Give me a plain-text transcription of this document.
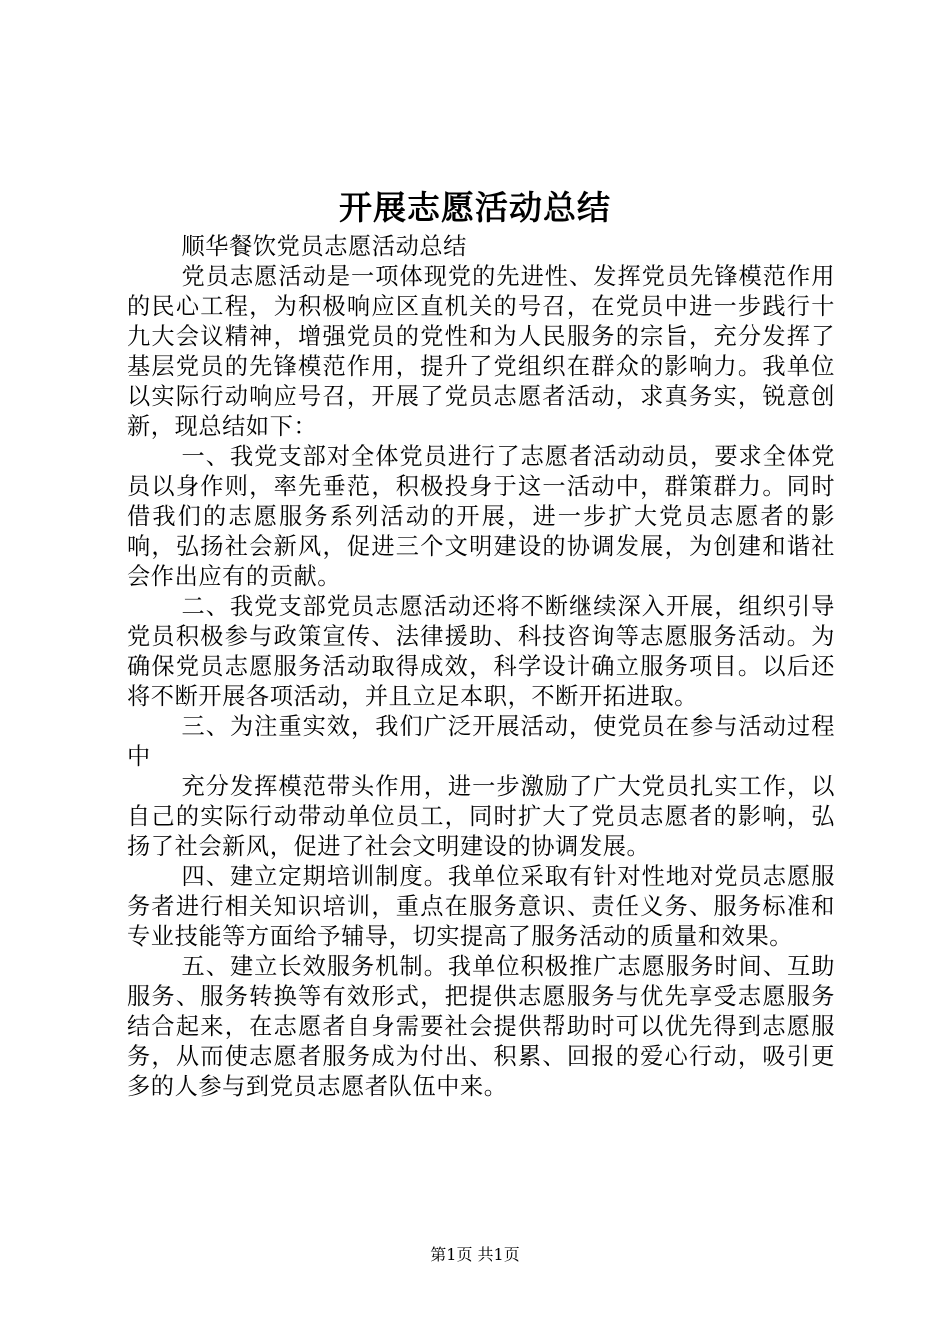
开展志愿活动总结

顺华餐饮党员志愿活动总结

党员志愿活动是一项体现党的先进性、发挥党员先锋模范作用的民心工程，为积极响应区直机关的号召，在党员中进一步践行十九大会议精神，增强党员的党性和为人民服务的宗旨，充分发挥了基层党员的先锋模范作用，提升了党组织在群众的影响力。我单位以实际行动响应号召，开展了党员志愿者活动，求真务实，锐意创新，现总结如下：

一、我党支部对全体党员进行了志愿者活动动员，要求全体党员以身作则，率先垂范，积极投身于这一活动中，群策群力。同时借我们的志愿服务系列活动的开展，进一步扩大党员志愿者的影响，弘扬社会新风，促进三个文明建设的协调发展，为创建和谐社会作出应有的贡献。

二、我党支部党员志愿活动还将不断继续深入开展，组织引导党员积极参与政策宣传、法律援助、科技咨询等志愿服务活动。为确保党员志愿服务活动取得成效，科学设计确立服务项目。以后还将不断开展各项活动，并且立足本职，不断开拓进取。

三、为注重实效，我们广泛开展活动，使党员在参与活动过程中

充分发挥模范带头作用，进一步激励了广大党员扎实工作，以自己的实际行动带动单位员工，同时扩大了党员志愿者的影响，弘扬了社会新风，促进了社会文明建设的协调发展。

四、建立定期培训制度。我单位采取有针对性地对党员志愿服务者进行相关知识培训，重点在服务意识、责任义务、服务标准和专业技能等方面给予辅导，切实提高了服务活动的质量和效果。

五、建立长效服务机制。我单位积极推广志愿服务时间、互助服务、服务转换等有效形式，把提供志愿服务与优先享受志愿服务结合起来，在志愿者自身需要社会提供帮助时可以优先得到志愿服务，从而使志愿者服务成为付出、积累、回报的爱心行动，吸引更多的人参与到党员志愿者队伍中来。

第1页 共1页
